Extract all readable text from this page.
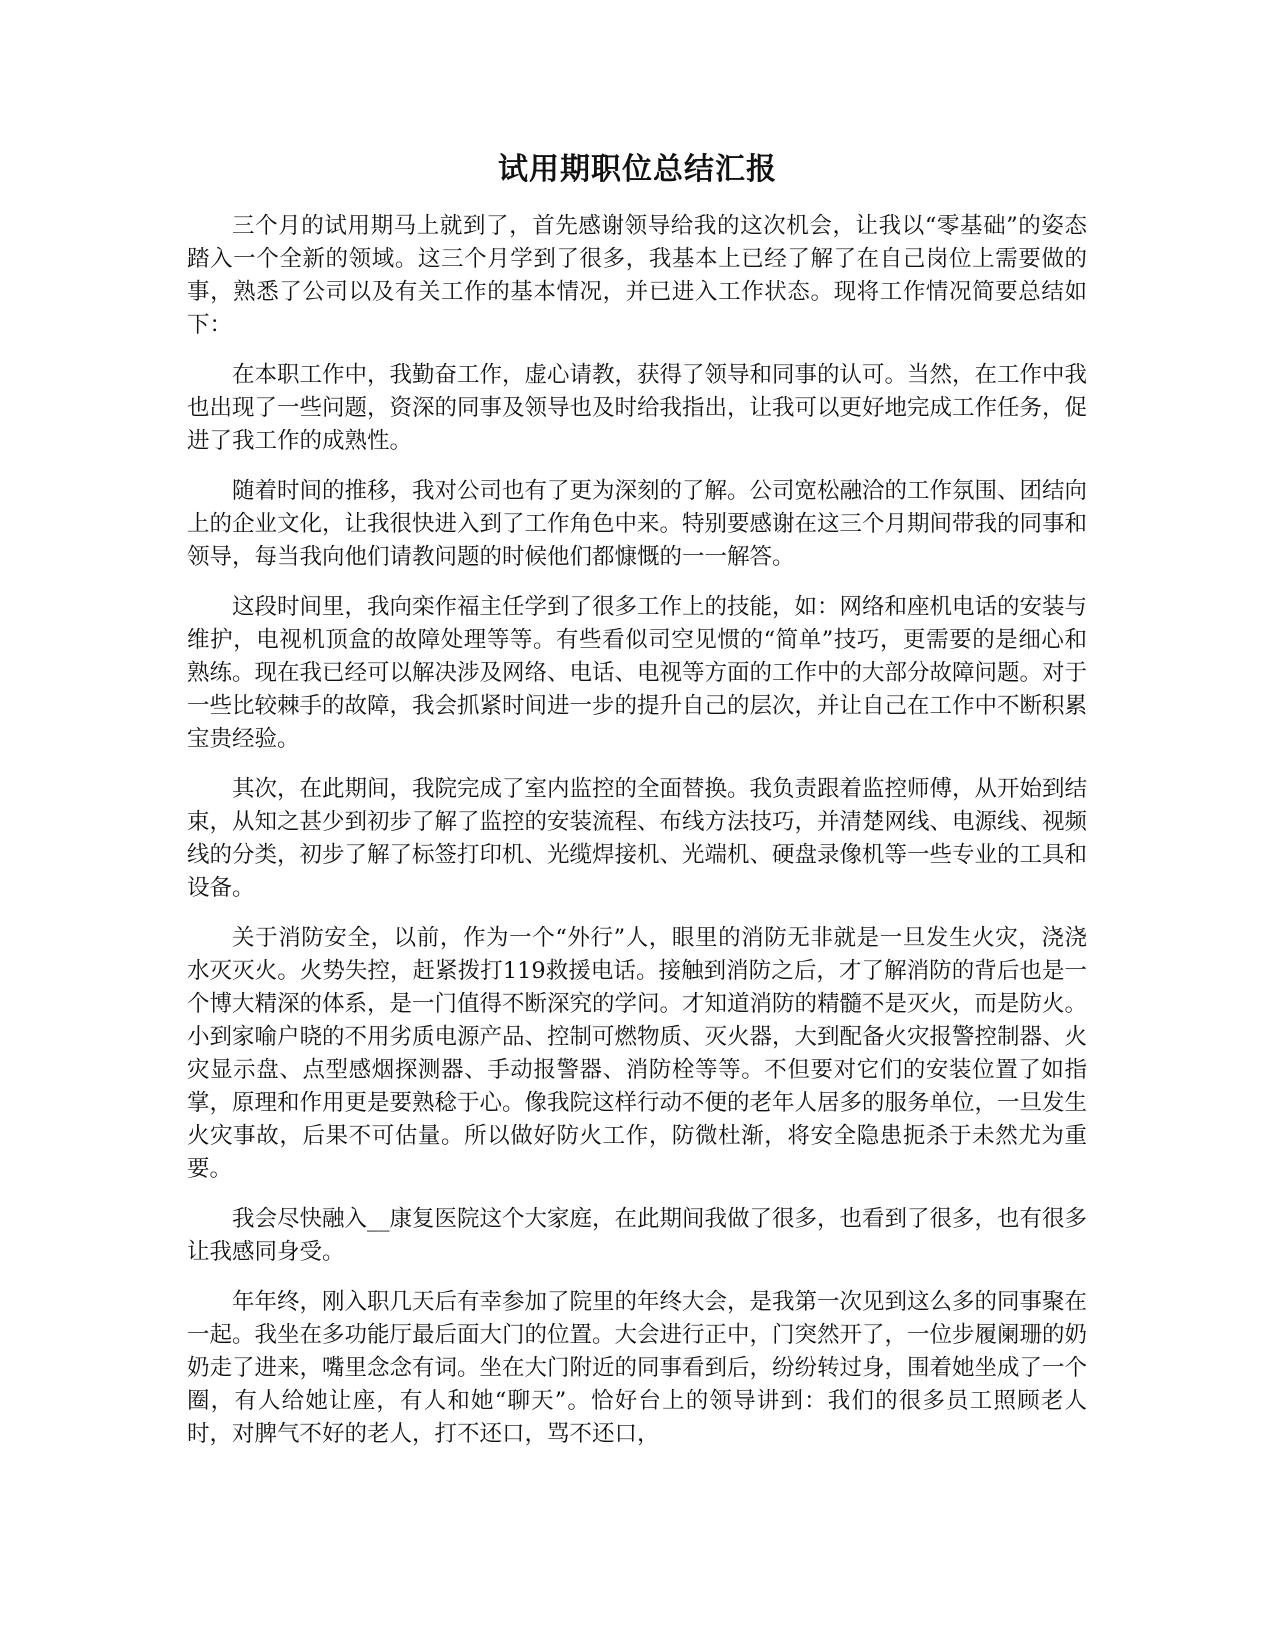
试用期职位总结汇报

三个月的试用期马上就到了，首先感谢领导给我的这次机会，让我以“零基础”的姿态踏入一个全新的领域。这三个月学到了很多，我基本上已经了解了在自己岗位上需要做的事，熟悉了公司以及有关工作的基本情况，并已进入工作状态。现将工作情况简要总结如下：

在本职工作中，我勤奋工作，虚心请教，获得了领导和同事的认可。当然，在工作中我也出现了一些问题，资深的同事及领导也及时给我指出，让我可以更好地完成工作任务，促进了我工作的成熟性。

随着时间的推移，我对公司也有了更为深刻的了解。公司宽松融洽的工作氛围、团结向上的企业文化，让我很快进入到了工作角色中来。特别要感谢在这三个月期间带我的同事和领导，每当我向他们请教问题的时候他们都慷慨的一一解答。

这段时间里，我向栾作福主任学到了很多工作上的技能，如：网络和座机电话的安装与维护，电视机顶盒的故障处理等等。有些看似司空见惯的“简单”技巧，更需要的是细心和熟练。现在我已经可以解决涉及网络、电话、电视等方面的工作中的大部分故障问题。对于一些比较棘手的故障，我会抓紧时间进一步的提升自己的层次，并让自己在工作中不断积累宝贵经验。

其次，在此期间，我院完成了室内监控的全面替换。我负责跟着监控师傅，从开始到结束，从知之甚少到初步了解了监控的安装流程、布线方法技巧，并清楚网线、电源线、视频线的分类，初步了解了标签打印机、光缆焊接机、光端机、硬盘录像机等一些专业的工具和设备。

关于消防安全，以前，作为一个“外行”人，眼里的消防无非就是一旦发生火灾，浇浇水灭灭火。火势失控，赶紧拨打119救援电话。接触到消防之后，才了解消防的背后也是一个博大精深的体系，是一门值得不断深究的学问。才知道消防的精髓不是灭火，而是防火。小到家喻户晓的不用劣质电源产品、控制可燃物质、灭火器，大到配备火灾报警控制器、火灾显示盘、点型感烟探测器、手动报警器、消防栓等等。不但要对它们的安装位置了如指掌，原理和作用更是要熟稔于心。像我院这样行动不便的老年人居多的服务单位，一旦发生火灾事故，后果不可估量。所以做好防火工作，防微杜渐，将安全隐患扼杀于未然尤为重要。

我会尽快融入__康复医院这个大家庭，在此期间我做了很多，也看到了很多，也有很多让我感同身受。

年年终，刚入职几天后有幸参加了院里的年终大会，是我第一次见到这么多的同事聚在一起。我坐在多功能厅最后面大门的位置。大会进行正中，门突然开了，一位步履阑珊的奶奶走了进来，嘴里念念有词。坐在大门附近的同事看到后，纷纷转过身，围着她坐成了一个圈，有人给她让座，有人和她“聊天”。恰好台上的领导讲到：我们的很多员工照顾老人时，对脾气不好的老人，打不还口，骂不还口，
